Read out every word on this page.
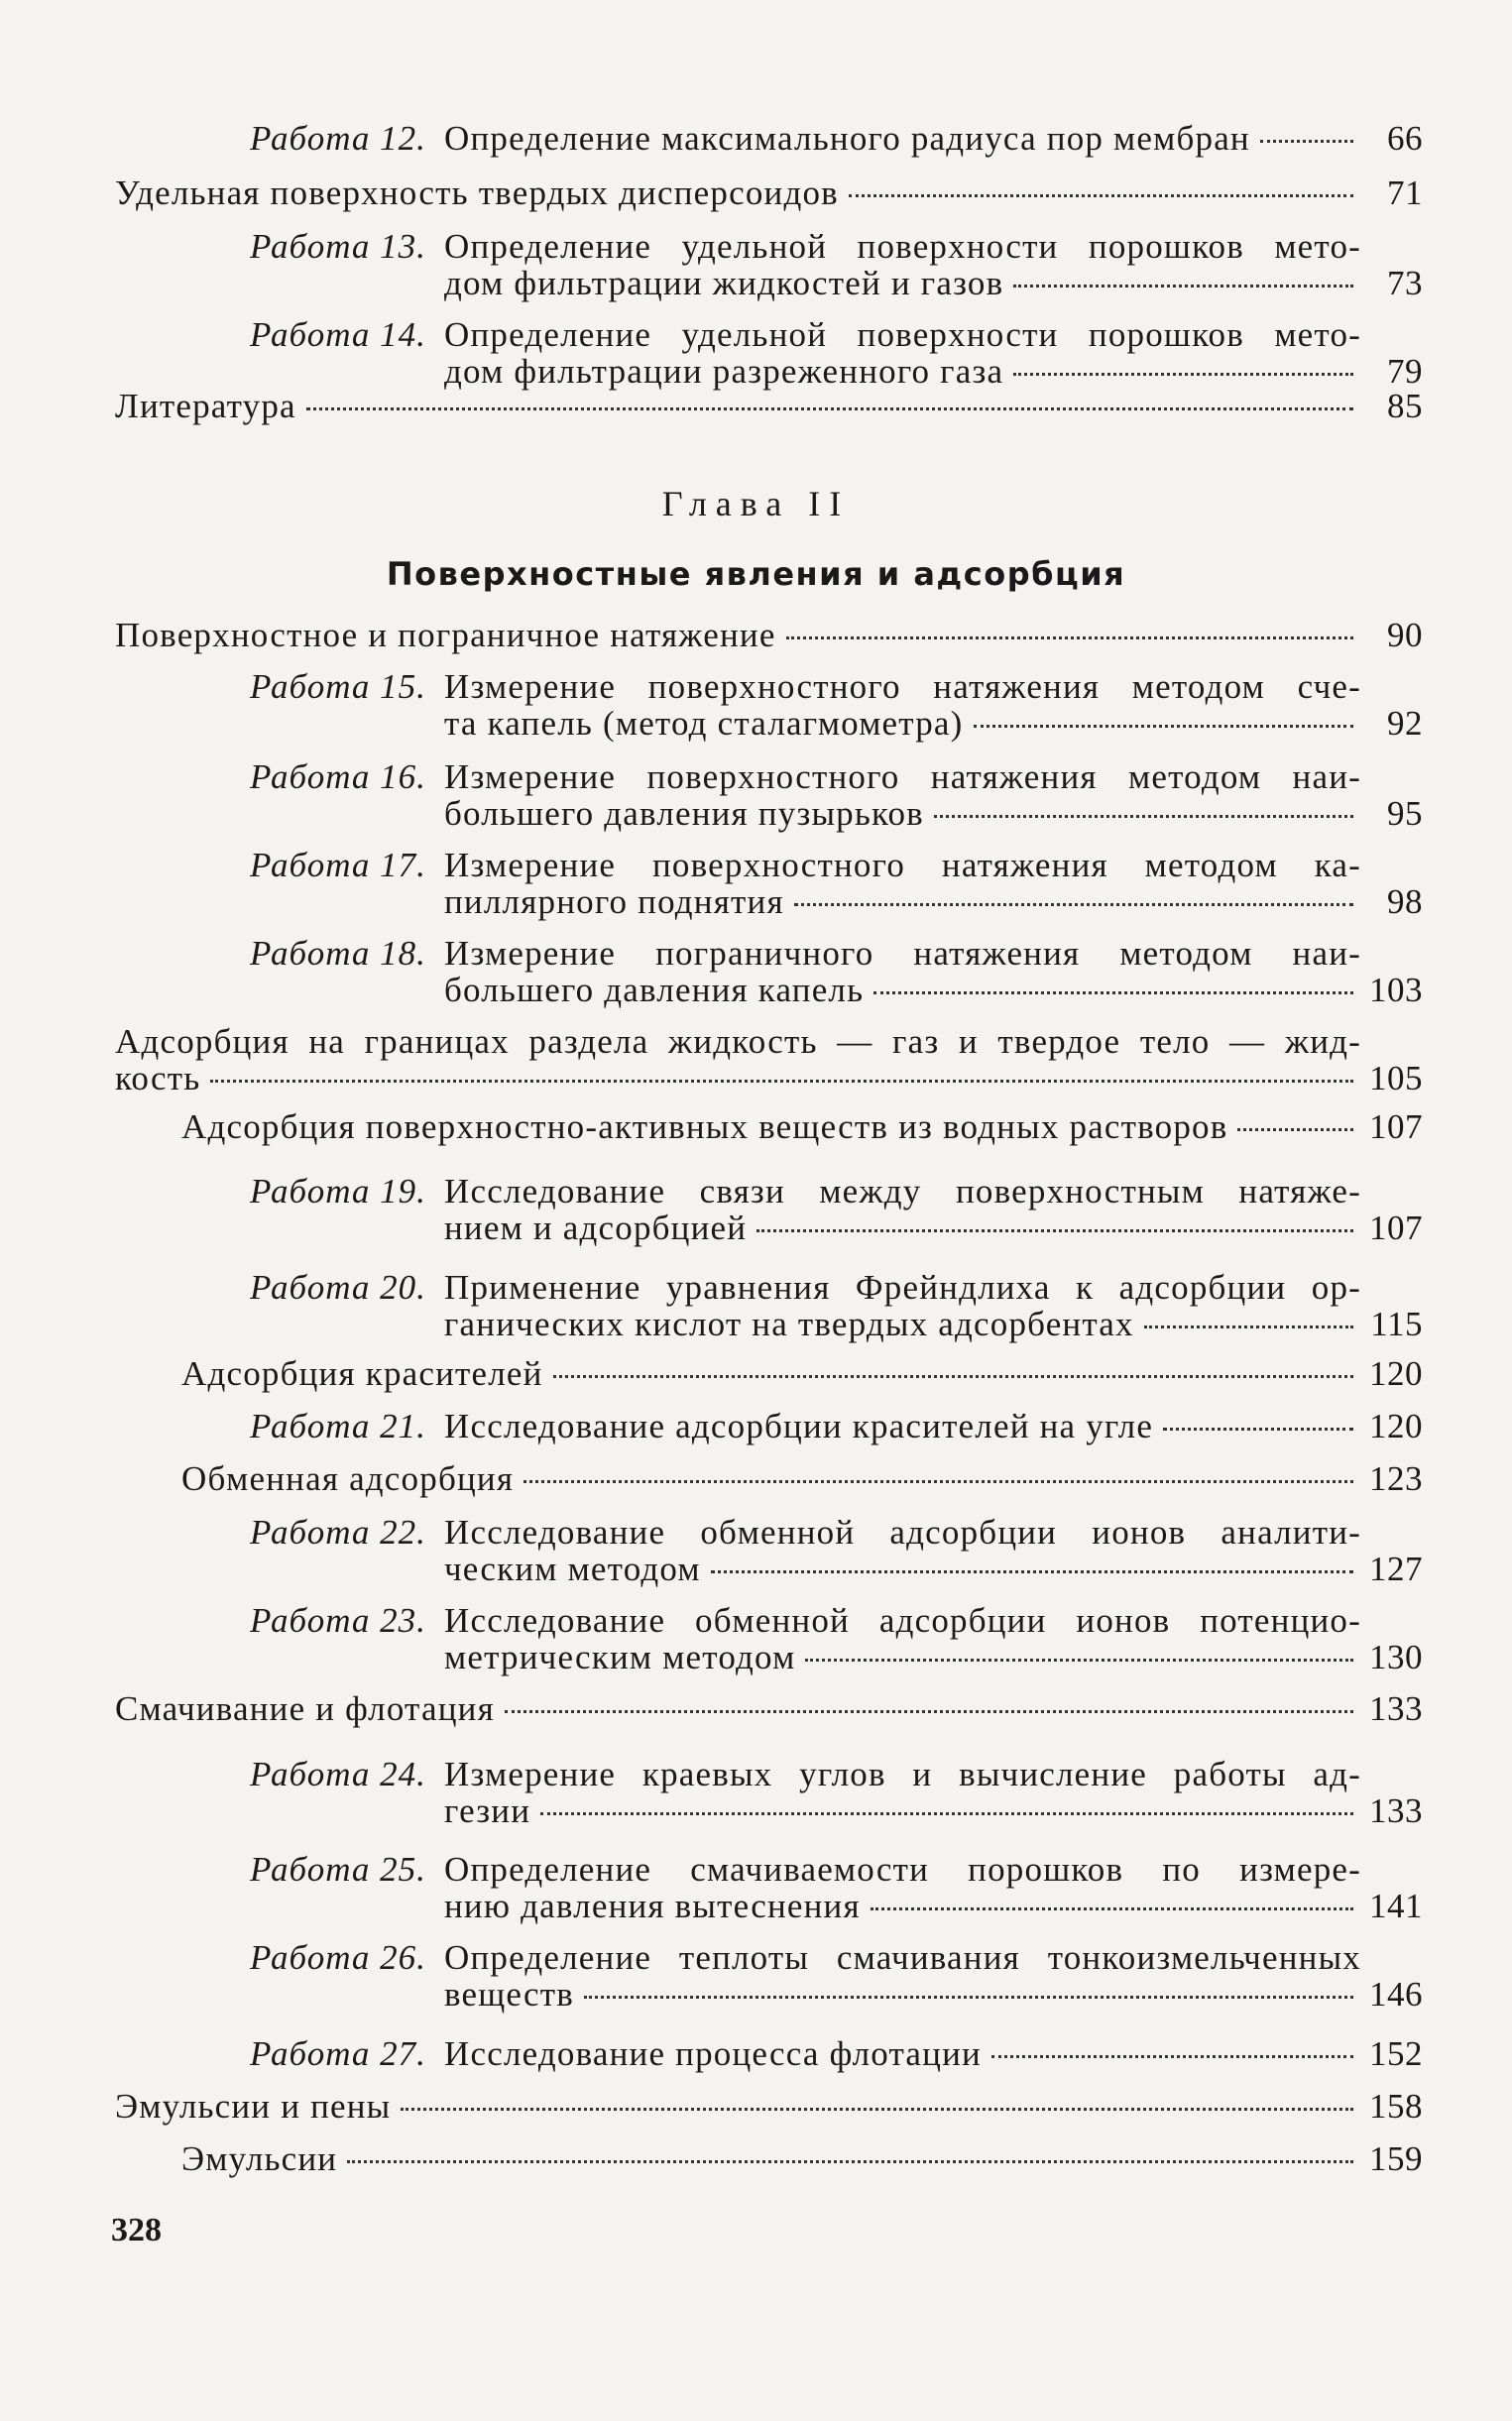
Глава II
Поверхностные явления и адсорбция
328
Работа 12. Определение максимального радиуса пор мембран	66
Удельная поверхность твердых дисперсоидов	71
Работа 13. Определение удельной поверхности порошков мето-
дом фильтрации жидкостей и газов	73
Работа 14. Определение удельной поверхности порошков мето-
дом фильтрации разреженного газа	79
Литература	85
Поверхностное и пограничное натяжение	90
Работа 15. Измерение поверхностного натяжения методом сче-
та капель (метод сталагмометра)	92
Работа 16. Измерение поверхностного натяжения методом наи-
большего давления пузырьков	95
Работа 17. Измерение поверхностного натяжения методом ка-
пиллярного поднятия	98
Работа 18. Измерение пограничного натяжения методом наи-
большего давления капель	103
Адсорбция на границах раздела жидкость — газ и твердое тело — жид-
кость	105
Адсорбция поверхностно-активных веществ из водных растворов	107
Работа 19. Исследование связи между поверхностным натяже-
нием и адсорбцией	107
Работа 20. Применение уравнения Фрейндлиха к адсорбции ор-
ганических кислот на твердых адсорбентах	115
Адсорбция красителей	120
Работа 21. Исследование адсорбции красителей на угле	120
Обменная адсорбция	123
Работа 22. Исследование обменной адсорбции ионов аналити-
ческим методом	127
Работа 23. Исследование обменной адсорбции ионов потенцио-
метрическим методом	130
Смачивание и флотация	133
Работа 24. Измерение краевых углов и вычисление работы ад-
гезии	133
Работа 25. Определение смачиваемости порошков по измере-
нию давления вытеснения	141
Работа 26. Определение теплоты смачивания тонкоизмельченных
веществ	146
Работа 27. Исследование процесса флотации	152
Эмульсии и пены	158
Эмульсии	159
